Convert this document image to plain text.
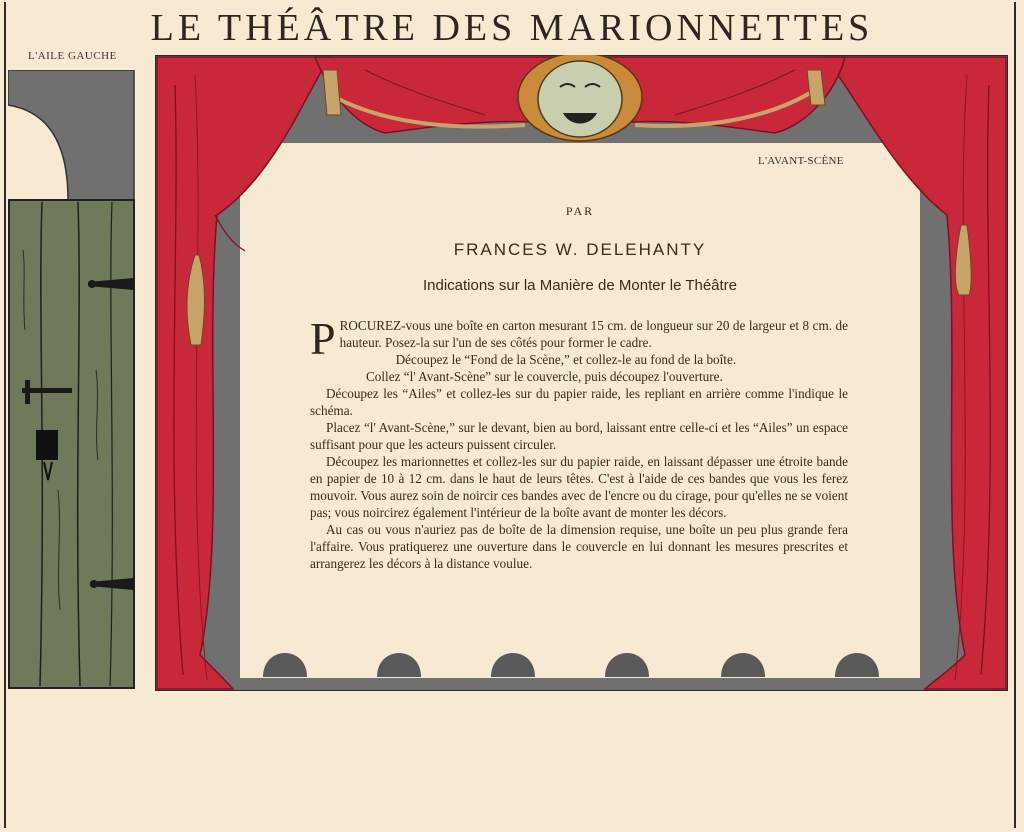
LE THÉÂTRE DES MARIONNETTES
L'AILE GAUCHE
L'AVANT-SCÈNE
PAR
FRANCES W. DELEHANTY
Indications sur la Manière de Monter le Théâtre

PROCUREZ-vous une boîte en carton mesurant 15 cm. de longueur sur 20 de largeur et 8 cm. de hauteur. Posez-la sur l'un de ses côtés pour former le cadre.

Découpez le “Fond de la Scène,” et collez-le au fond de la boîte.

Collez “l' Avant-Scène” sur le couvercle, puis découpez l'ouverture.

Découpez les “Ailes” et collez-les sur du papier raide, les repliant en arrière comme l'indique le schéma.

Placez “l' Avant-Scène,” sur le devant, bien au bord, laissant entre celle-ci et les “Ailes” un espace suffisant pour que les acteurs puissent circuler.

Découpez les marionnettes et collez-les sur du papier raide, en laissant dépasser une étroite bande en papier de 10 à 12 cm. dans le haut de leurs têtes. C'est à l'aide de ces bandes que vous les ferez mouvoir. Vous aurez soin de noircir ces bandes avec de l'encre ou du cirage, pour qu'elles ne se voient pas; vous noircirez également l'intérieur de la boîte avant de monter les décors.

Au cas ou vous n'auriez pas de boîte de la dimension requise, une boîte un peu plus grande fera l'affaire. Vous pratiquerez une ouverture dans le couvercle en lui donnant les mesures prescrites et arrangerez les décors à la distance voulue.
